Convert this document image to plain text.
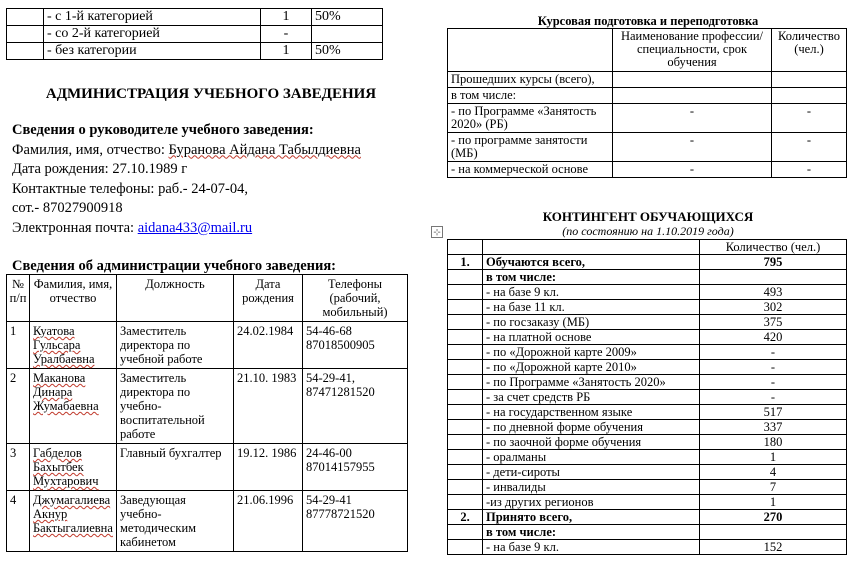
	- с 1-й категорией	1	50%
	- со 2-й категорией	-	
	- без категории	1	50%
АДМИНИСТРАЦИЯ УЧЕБНОГО ЗАВЕДЕНИЯ
Сведения о руководителе учебного заведения:
Фамилия, имя, отчество: Буранова Айдана Табылдиевна
Дата рождения: 27.10.1989 г
Контактные телефоны: раб.- 24-07-04,
сот.- 87027900918
Электронная почта: aidana433@mail.ru
Сведения об администрации учебного заведения:
№ п/п	Фамилия, имя, отчество	Должность	Дата рождения	Телефоны (рабочий, мобильный)
1	Куатова Гульсара Уралбаевна	Заместитель директора по учебной работе	24.02.1984	54-46-68 87018500905
2	Маканова Динара Жумабаевна	Заместитель директора по учебно-воспитательной работе	21.10. 1983	54-29-41, 87471281520
3	Габделов Бахытбек Мухтарович	Главный бухгалтер	19.12. 1986	24-46-00 87014157955
4	Джумагалиева Акнур Бактыгалиевна	Заведующая учебно-методическим кабинетом	21.06.1996	54-29-41 87778721520
Курсовая подготовка и переподготовка
	Наименование профессии/специальности, срок обучения	Количество (чел.)
Прошедших курсы (всего),		
в том числе:		
- по Программе «Занятость 2020» (РБ)	-	-
- по программе занятости (МБ)	-	-
- на коммерческой основе	-	-
КОНТИНГЕНТ ОБУЧАЮЩИХСЯ
(по состоянию на 1.10.2019 года)
⊹
		Количество (чел.)
1.	Обучаются всего,	795
	в том числе:	
	- на базе 9 кл.	493
	- на базе 11 кл.	302
	- по госзаказу (МБ)	375
	- на платной основе	420
	- по «Дорожной карте 2009»	-
	- по «Дорожной карте 2010»	-
	- по Программе «Занятость 2020»	-
	- за счет средств РБ	-
	- на государственном языке	517
	- по дневной форме обучения	337
	- по заочной форме обучения	180
	- оралманы	1
	- дети-сироты	4
	- инвалиды	7
	-из других регионов	1
2.	Принято всего,	270
	в том числе:	
	- на базе 9 кл.	152
